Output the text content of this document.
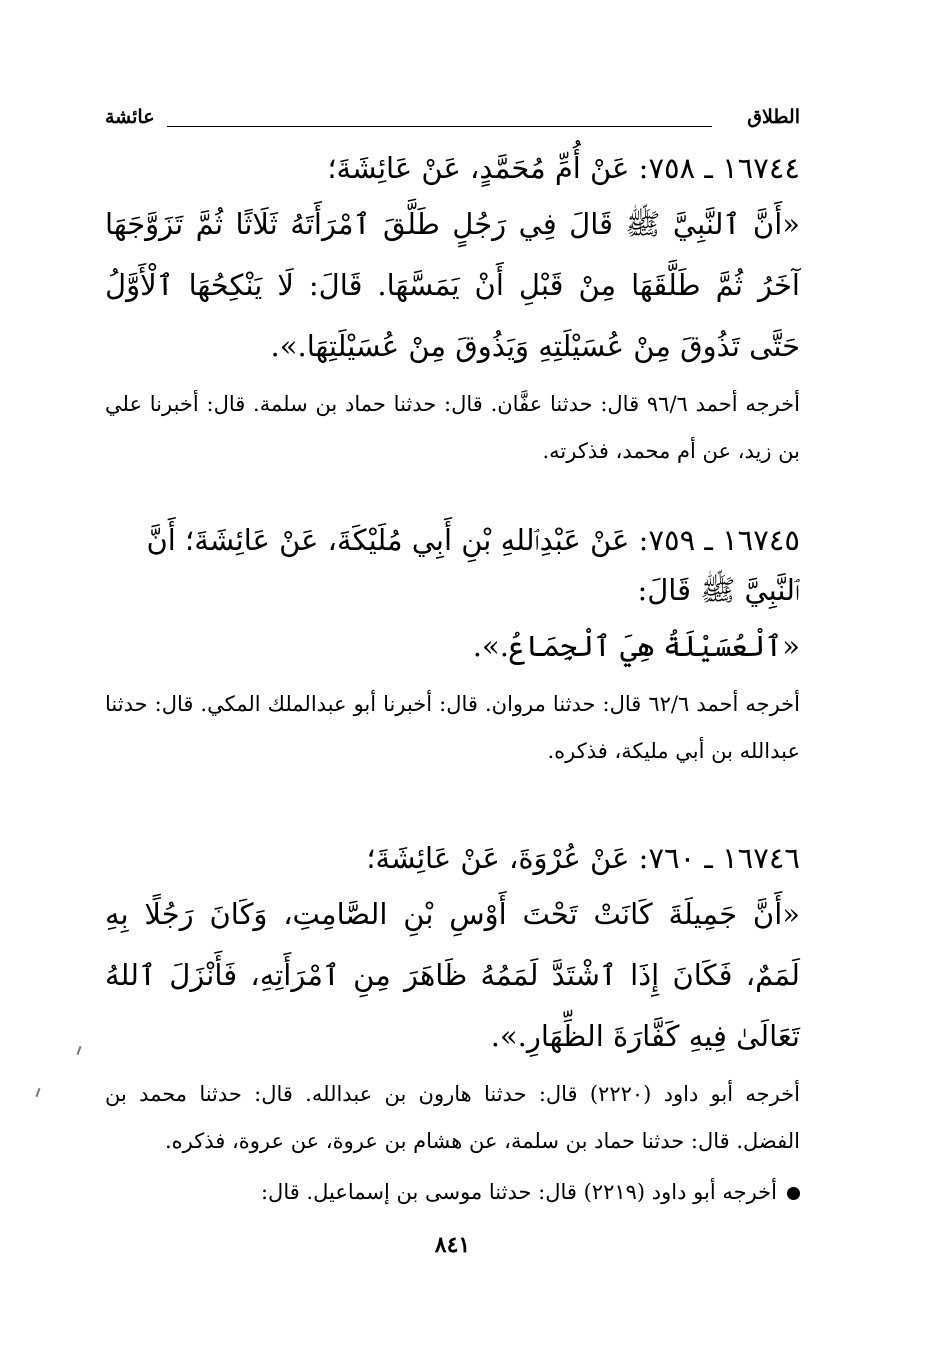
الطلاق
عائشة
١٦٧٤٤ ـ ٧٥٨: عَنْ أُمِّ مُحَمَّدٍ، عَنْ عَائِشَةَ؛
«أَنَّ ٱلنَّبِيَّ ﷺ قَالَ فِي رَجُلٍ طَلَّقَ ٱمْرَأَتَهُ ثَلَاثًا ثُمَّ تَزَوَّجَهَا آخَرُ ثُمَّ طَلَّقَهَا مِنْ قَبْلِ أَنْ يَمَسَّهَا. قَالَ: لَا يَنْكِحُهَا ٱلْأَوَّلُ حَتَّى تَذُوقَ مِنْ عُسَيْلَتِهِ وَيَذُوقَ مِنْ عُسَيْلَتِهَا.».
أخرجه أحمد ٩٦/٦ قال: حدثنا عفَّان. قال: حدثنا حماد بن سلمة. قال: أخبرنا علي بن زيد، عن أم محمد، فذكرته.
١٦٧٤٥ ـ ٧٥٩: عَنْ عَبْدِٱللهِ بْنِ أَبِي مُلَيْكَةَ، عَنْ عَائِشَةَ؛ أَنَّ ٱلنَّبِيَّ ﷺ قَالَ:
«ٱلْعُسَيْلَةُ هِيَ ٱلْجِمَاعُ.».
أخرجه أحمد ٦٢/٦ قال: حدثنا مروان. قال: أخبرنا أبو عبدالملك المكي. قال: حدثنا عبدالله بن أبي مليكة، فذكره.
١٦٧٤٦ ـ ٧٦٠: عَنْ عُرْوَةَ، عَنْ عَائِشَةَ؛
«أَنَّ جَمِيلَةَ كَانَتْ تَحْتَ أَوْسِ بْنِ الصَّامِتِ، وَكَانَ رَجُلًا بِهِ لَمَمٌ، فَكَانَ إِذَا ٱشْتَدَّ لَمَمُهُ ظَاهَرَ مِنِ ٱمْرَأَتِهِ، فَأَنْزَلَ ٱللهُ تَعَالَىٰ فِيهِ كَفَّارَةَ الظِّهَارِ.».
أخرجه أبو داود (٢٢٢٠) قال: حدثنا هارون بن عبدالله. قال: حدثنا محمد بن الفضل. قال: حدثنا حماد بن سلمة، عن هشام بن عروة، عن عروة، فذكره.
أخرجه أبو داود (٢٢١٩) قال: حدثنا موسى بن إسماعيل. قال:
٨٤١
